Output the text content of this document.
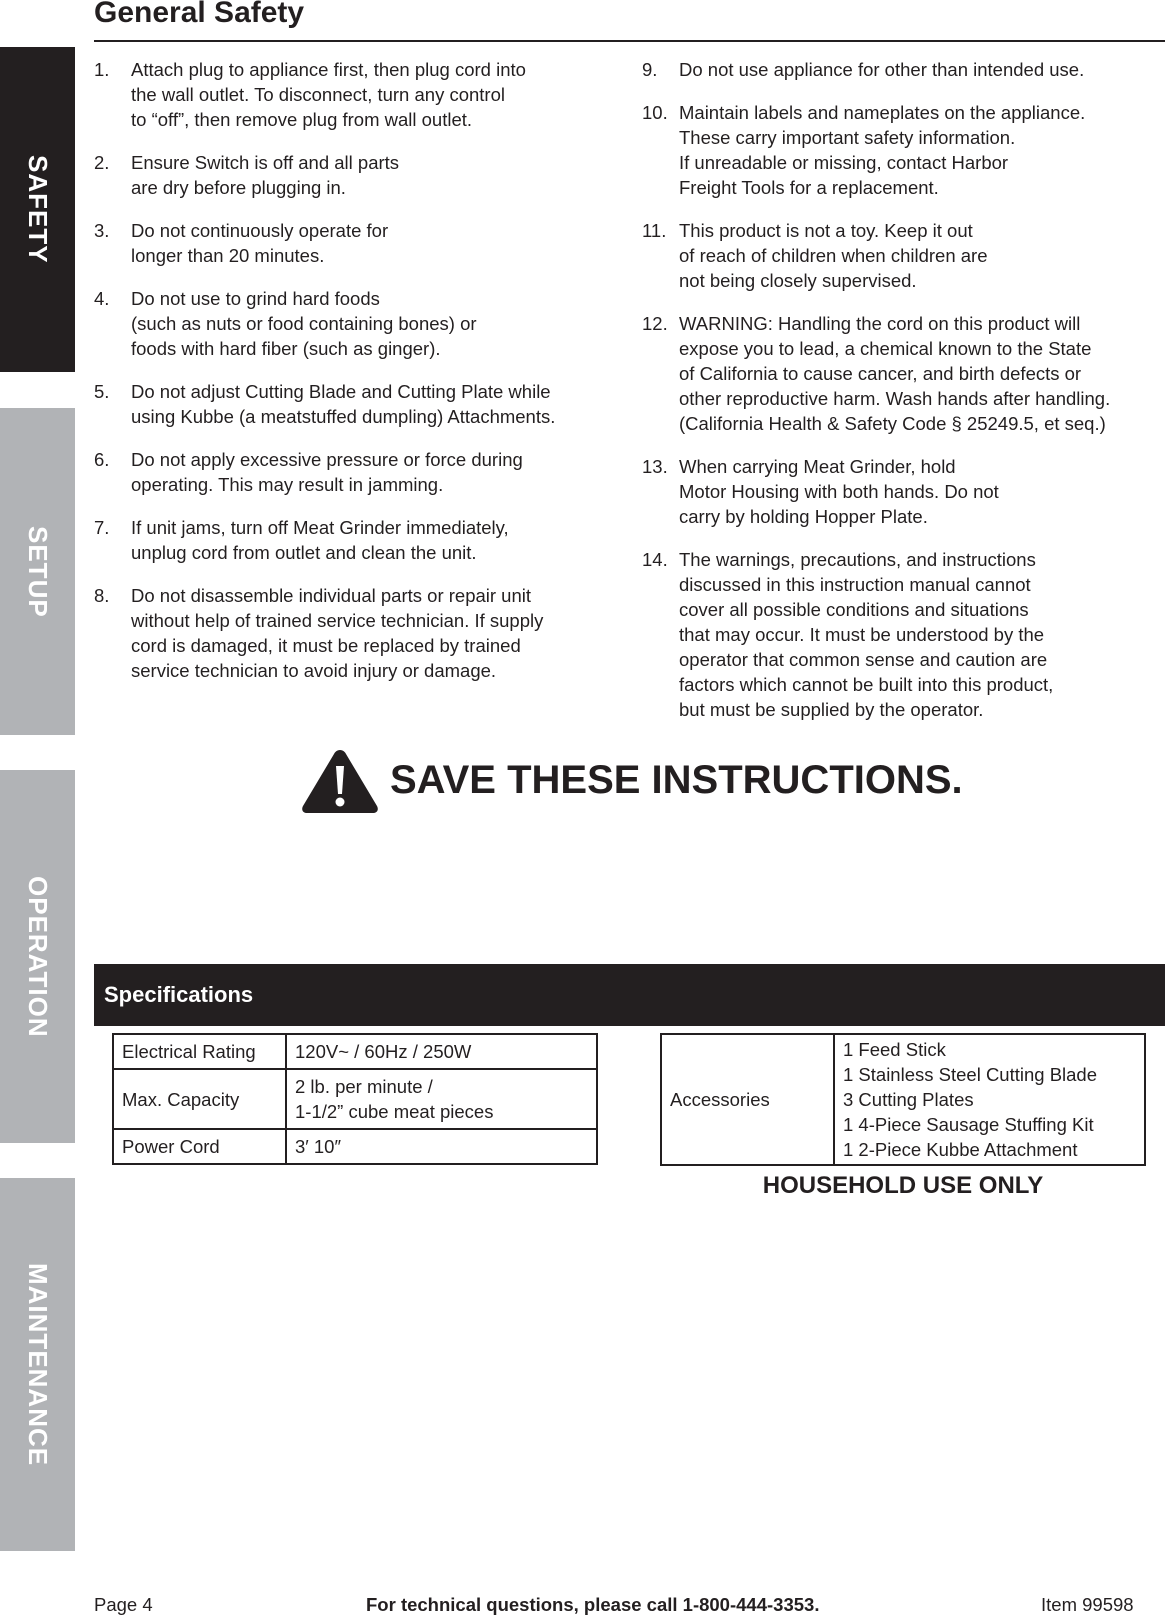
SAFETY
SETUP
OPERATION
MAINTENANCE
General Safety
1.	Attach plug to appliance first, then plug cord into
the wall outlet. To disconnect, turn any control
to “off”, then remove plug from wall outlet.
2.	Ensure Switch is off and all parts
are dry before plugging in.
3.	Do not continuously operate for
longer than 20 minutes.
4.	Do not use to grind hard foods
(such as nuts or food containing bones) or
foods with hard fiber (such as ginger).
5.	Do not adjust Cutting Blade and Cutting Plate while
using Kubbe (a meatstuffed dumpling) Attachments.
6.	Do not apply excessive pressure or force during
operating. This may result in jamming.
7.	If unit jams, turn off Meat Grinder immediately,
unplug cord from outlet and clean the unit.
8.	Do not disassemble individual parts or repair unit
without help of trained service technician. If supply
cord is damaged, it must be replaced by trained
service technician to avoid injury or damage.
9.	Do not use appliance for other than intended use.
10. Maintain labels and nameplates on the appliance.
These carry important safety information.
If unreadable or missing, contact Harbor
Freight Tools for a replacement.
11. This product is not a toy. Keep it out
of reach of children when children are
not being closely supervised.
12. WARNING: Handling the cord on this product will
expose you to lead, a chemical known to the State
of California to cause cancer, and birth defects or
other reproductive harm. Wash hands after handling.
(California Health & Safety Code § 25249.5, et seq.)
13. When carrying Meat Grinder, hold
Motor Housing with both hands. Do not
carry by holding Hopper Plate.
14. The warnings, precautions, and instructions
discussed in this instruction manual cannot
cover all possible conditions and situations
that may occur. It must be understood by the
operator that common sense and caution are
factors which cannot be built into this product,
but must be supplied by the operator.
SAVE THESE INSTRUCTIONS.
Specifications
Electrical Rating	120V~ / 60Hz / 250W
Max. Capacity	2 lb. per minute /
1-1/2” cube meat pieces
Power Cord	3′ 10″
Accessories	1 Feed Stick
1 Stainless Steel Cutting Blade
3 Cutting Plates
1 4-Piece Sausage Stuffing Kit
1 2-Piece Kubbe Attachment
HOUSEHOLD USE ONLY
Page 4	For technical questions, please call 1-800-444-3353.	Item 99598
